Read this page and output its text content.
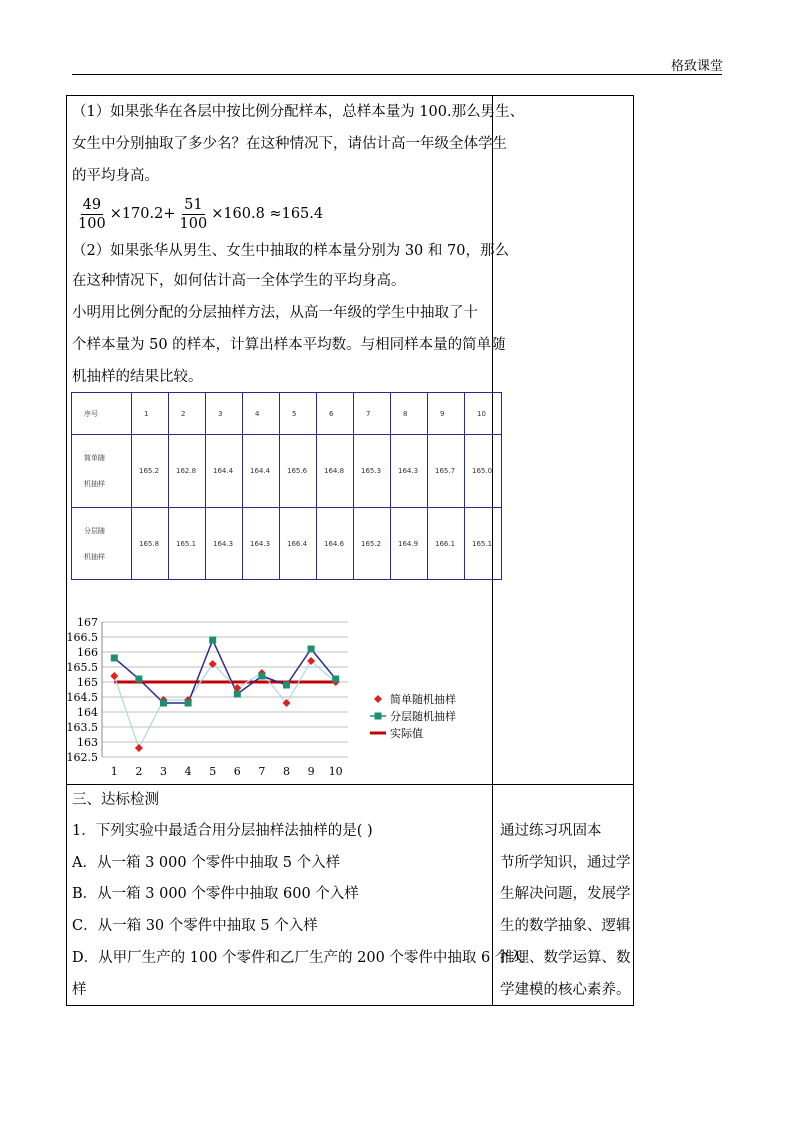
格致课堂
（1）如果张华在各层中按比例分配样本，总样本量为 100.那么男生、
女生中分别抽取了多少名？在这种情况下，请估计高一年级全体学生
的平均身高。
$\frac{49}{100} \times 170.2+ \frac{51}{100} \times 160.8 \approx 165.4$
（2）如果张华从男生、女生中抽取的样本量分别为 30 和 70，那么
在这种情况下，如何估计高一全体学生的平均身高。
小明用比例分配的分层抽样方法，从高一年级的学生中抽取了十
个样本量为 50 的样本，计算出样本平均数。与相同样本量的简单随
机抽样的结果比较。
序号	1	2	3	4	5	6	7	8	9	10

简单随
机抽样	165.2	162.8	164.4	164.4	165.6	164.8	165.3	164.3	165.7	165.0

分层随
机抽样	165.8	165.1	164.3	164.3	166.4	164.6	165.2	164.9	166.1	165.1
167
166.5
166
165.5
165
164.5
164
163.5
163
162.5
1 2 3 4 5 6 7 8 9 10
简单随机抽样
分层随机抽样
实际值
三、达标检测
1．下列实验中最适合用分层抽样法抽样的是( )
A．从一箱 3 000 个零件中抽取 5 个入样
B．从一箱 3 000 个零件中抽取 600 个入样
C．从一箱 30 个零件中抽取 5 个入样
D．从甲厂生产的 100 个零件和乙厂生产的 200 个零件中抽取 6 个入
样
通过练习巩固本
节所学知识，通过学
生解决问题，发展学
生的数学抽象、逻辑
推理、数学运算、数
学建模的核心素养。
